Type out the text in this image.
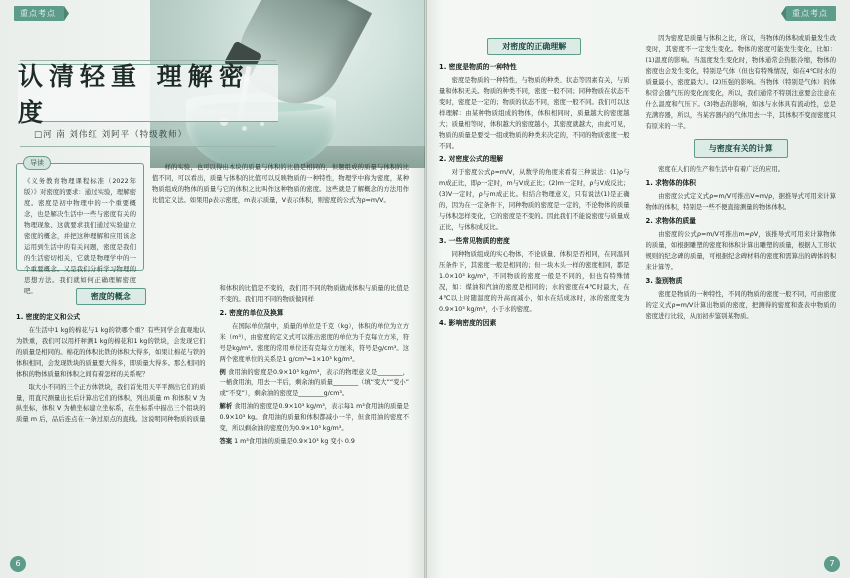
重点考点
认清轻重 理解密度
□河 南 刘伟红 刘阿平（特级教师）
导读

《义务教育物理课程标准（2022年版）》对密度的要求：通过实验，理解密度。密度是初中物理中的一个重要概念，也是解决生活中一些与密度有关的物理现象、这就要求我们通过实验建立密度的概念，并把这种理解和应用该念运用到生活中的有关问题，密度是我们的生活密切相关，它就是物理学中的一个重要概念。又是我们分析学习物理的思想方法。我们就如何正确理解密度吧。

样的实验，也可以得出本块的质量与体积的比值是相同的，但题组成的质量与体积的比值不同，可以看出，质量与体积的比值可以反映物质的一种特性，物理学中称为密度，某种物质组成的物体的质量与它的体积之比叫作这种物质的密度。这些就是了解概念的方法用作比值定义法。如果用ρ表示密度，m表示质量，V表示体积，则密度的公式为ρ=m/V。

密度的概念

1. 密度的定义和公式

在生活中1 kg的棉花与1 kg的铁哪个重？有些同学会直观地认为铁重，我们可以用杆秤测1 kg的棉花和1 kg的铁块，会发现它们的质量是相同的。棉花的体积比铁的体积大得多，如果让棉花与铁的体积相同，会发现铁块的质量要大得多，即质量大得多。那么相同的体积的物体质量和体积之间有着怎样的关系呢？

取大小不同的三个正方体铁块，我们首先用天平平测出它们的质量，用直尺测量出长后计算出它们的体积，列出质量 m 和体积 V 为纵坐标，体积 V 为横坐标建立坐标系，在坐标系中描出三个铝块的质量 m 后，品后连点在一条过原点的直线。这说明同种物质的质量和体积的比值是不变的，我们用不同的物质做成体积与质量的比值是不变的。我们用不同的物质做同样

2. 密度的单位及换算

在国际单位制中，质量的单位是千克（kg），体积的单位为立方米（m³），由密度的定义式可以推出密度的单位为千克每立方米，符号是kg/m³。密度的常用单位还有克每立方厘米，符号是g/cm³。这两个密度单位的关系是1 g/cm³=1×10³ kg/m³。

例 食用油的密度是0.9×10³ kg/m³，表示的物理意义是________，一桶食用油，用去一半后，剩余油的质量________（填“变大”“变小”或“不变”），剩余油的密度是________g/cm³。

解析 食用油的密度是0.9×10³ kg/m³，表示每1 m³食用油的质量是0.9×10³ kg。食用油的质量和体积都减小一半，但食用油的密度不变，所以剩余油的密度仍为0.9×10³ kg/m³。

答案 1 m³食用油的质量是0.9×10³ kg 变小 0.9

6
重点考点
对密度的正确理解

1. 密度是物质的一种特性

密度是物质的一种特性，与物质的种类、状态等因素有关，与质量和体积无关。物质的种类不同，密度一般不同；同种物质在状态不变时，密度是一定的；物质的状态不同，密度一般不同。我们可以这样理解：由某种物质组成的物体，体积相同时，质量越大的密度越大；质量相等时，体积越大的密度越小，其密度就越大，由此可见，物质的质量是要受一组或物质的种类来决定的，不同的物质密度一般不同。

2. 对密度公式的理解

对于密度公式ρ=m/V，从数学的角度来看有三种说法：(1)ρ与m成正比，即ρ一定时，m与V成正比；(2)m一定时，ρ与V成反比；(3)V一定时，ρ与m成正比。但结合物理意义，只有说法(1)是正确的，因为在一定条件下，同种物质的密度是一定的，不论物体的质量与体积怎样变化，它的密度是不变的。因此我们不能说密度与质量成正比，与体积成反比。

3. 一些常见物质的密度

同种物质组成的实心物体，不论质量、体积是否相同，在同温同压条件下，其密度一般是相同的；但一块木头一样的密度相同，都是1.0×10³ kg/m³，不同物质的密度一般是不同的，但也有特殊情况，如：煤油和汽油的密度是相同的；水的密度在4℃时最大，在4℃以上时随温度的升高而减小，如水在结成冰时，冰的密度变为0.9×10³ kg/m³，小于水的密度。

4. 影响密度的因素

因为密度是质量与体积之比，所以，当物体的体积或质量发生改变时，其密度不一定发生变化。物体的密度可能发生变化，比如：(1)温度的影响。当温度发生变化时，物体通常会热胀冷缩，物体的密度也会发生变化，特别是气体（但也有特殊情况，如在4℃时水的质量最小，密度最大）。(2)压强的影响。当物体（特别是气体）的体积常会随气压的变化而变化，所以，我们通常不特别注意要会注意在什么温度和气压下。(3)物态的影响，如冰与水体具有流动性，总是充满容器，所以，当某容器内的气体用去一半，其体积不变而密度只有原来的一半。

与密度有关的计算

密度在人们的生产和生活中有着广泛的应用。

1. 求物体的体积

由密度公式定义式ρ=m/V可推出V=m/ρ，据推导式可用来计算物体的体积，特别是一些不便直接测量的物体体积。

2. 求物体的质量

由密度的公式ρ=m/V可推出m=ρV，该推导式可用来计算物体的质量，如根据雕塑的密度和体积计算出雕塑的质量，根据人工形状规则的纪念碑的质量，可根据纪念碑材料的密度和需算出的碑体的积来计算等。

3. 鉴别物质

密度是物质的一种特性，不同的物质的密度一般不同，可由密度的定义式ρ=m/V计算出物质的密度，把测得的密度和查表中物质的密度进行比较，从而初步鉴别某物质。

7
